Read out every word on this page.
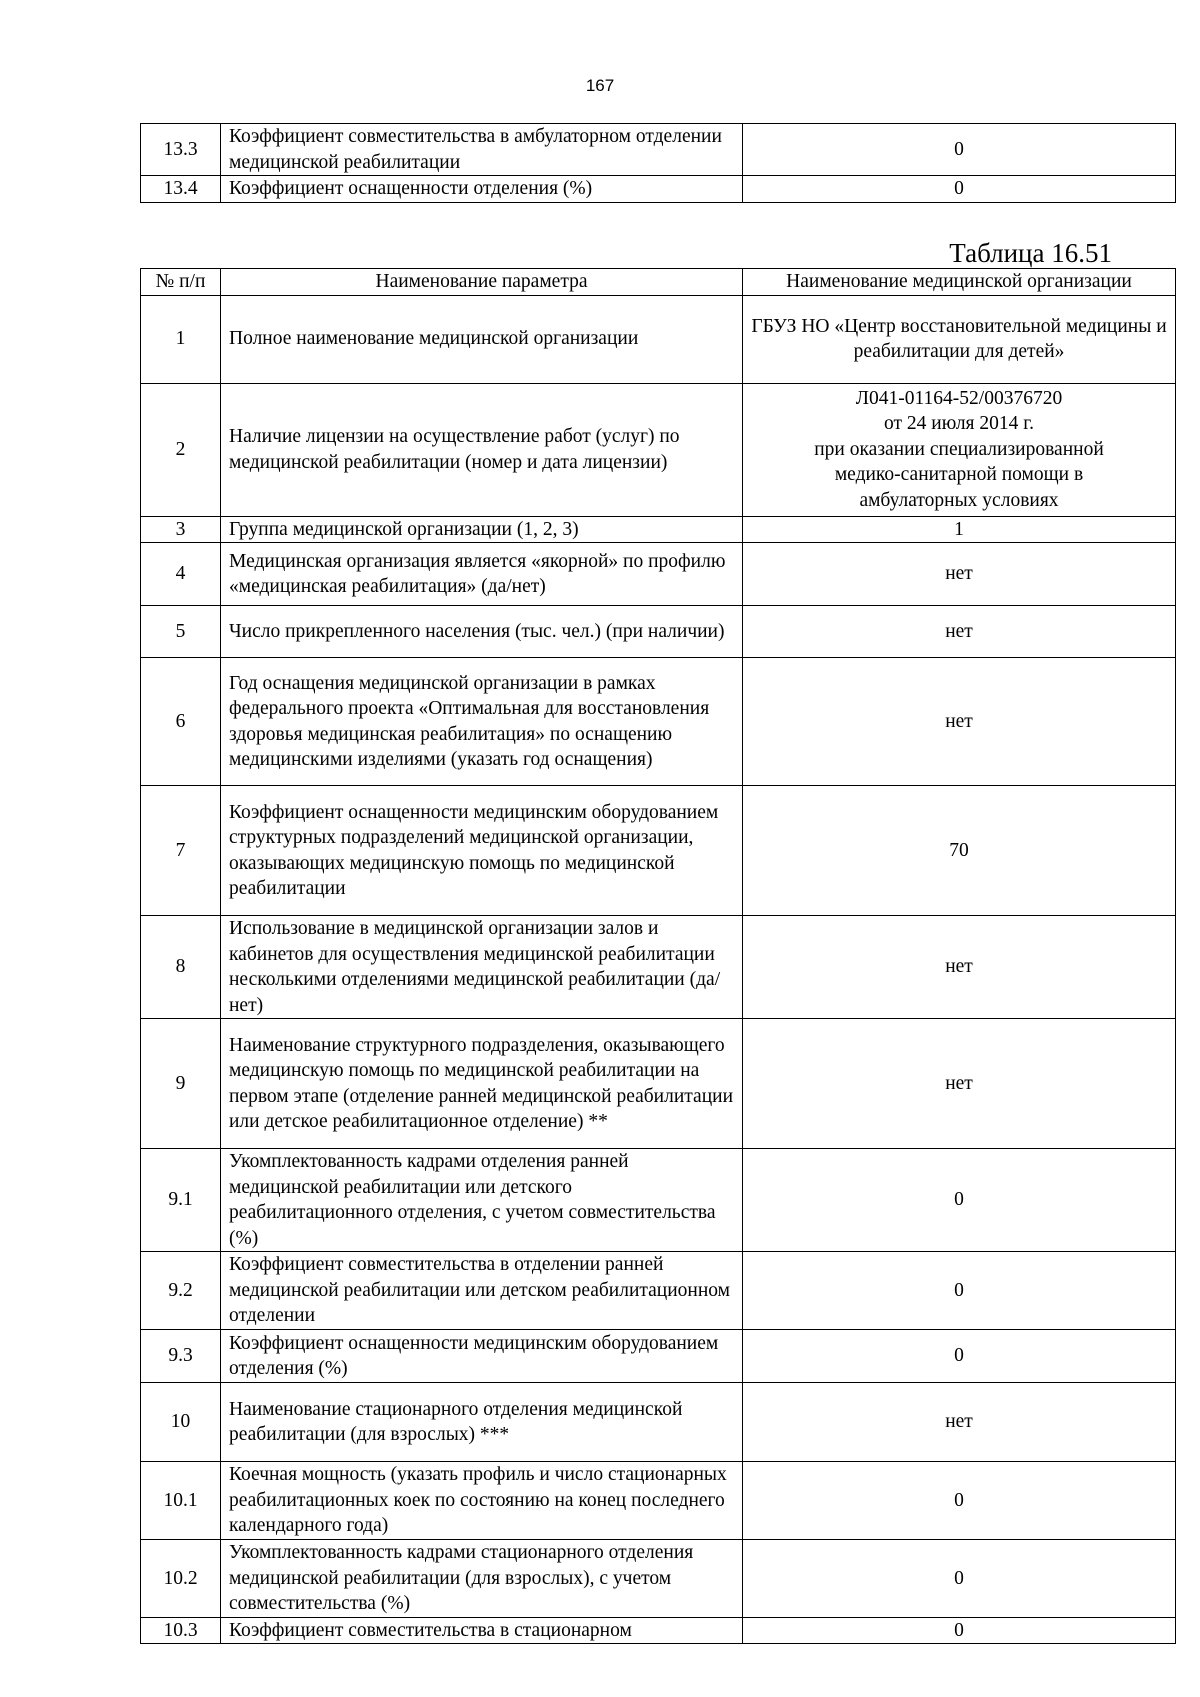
167
13.3	Коэффициент совместительства в амбулаторном отделении медицинской реабилитации	0
13.4	Коэффициент оснащенности отделения (%)	0
Таблица 16.51
№ п/п	Наименование параметра	Наименование медицинской организации
1	Полное наименование медицинской организации	ГБУЗ НО «Центр восстановительной медицины и реабилитации для детей»
2	Наличие лицензии на осуществление работ (услуг) по медицинской реабилитации (номер и дата лицензии)	Л041-01164-52/00376720
от 24 июля 2014 г.
при оказании специализированной
медико-санитарной помощи в
амбулаторных условиях

3	Группа медицинской организации (1, 2, 3)	1
4	Медицинская организация является «якорной» по профилю «медицинская реабилитация» (да/нет)	нет
5	Число прикрепленного населения (тыс. чел.) (при наличии)	нет
6	Год оснащения медицинской организации в рамках федерального проекта «Оптимальная для восстановления здоровья медицинская реабилитация» по оснащению медицинскими изделиями (указать год оснащения)	нет
7	Коэффициент оснащенности медицинским оборудованием структурных подразделений медицинской организации, оказывающих медицинскую помощь по медицинской реабилитации	70
8	Использование в медицинской организации залов и кабинетов для осуществления медицинской реабилитации несколькими отделениями медицинской реабилитации (да/нет)	нет
9	Наименование структурного подразделения, оказывающего медицинскую помощь по медицинской реабилитации на первом этапе (отделение ранней медицинской реабилитации или детское реабилитационное отделение) **	нет
9.1	Укомплектованность кадрами отделения ранней медицинской реабилитации или детского реабилитационного отделения, с учетом совместительства (%)	0
9.2	Коэффициент совместительства в отделении ранней медицинской реабилитации или детском реабилитационном отделении	0
9.3	Коэффициент оснащенности медицинским оборудованием отделения (%)	0
10	Наименование стационарного отделения медицинской реабилитации (для взрослых) ***	нет
10.1	Коечная мощность (указать профиль и число стационарных реабилитационных коек по состоянию на конец последнего календарного года)	0
10.2	Укомплектованность кадрами стационарного отделения медицинской реабилитации (для взрослых), с учетом совместительства (%)	0
10.3	Коэффициент совместительства в стационарном	0
